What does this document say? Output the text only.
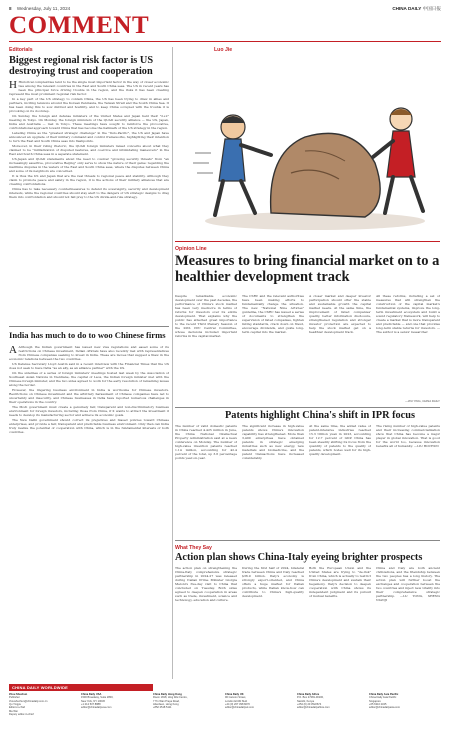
8 Wednesday, July 11, 2024	CHINA DAILY 中国日报
COMMENT
Editorials
Biggest regional risk factor is US destroying trust and cooperation

H Historical complexities tend to be the single most important factor in the way of closer economic ties among the relevant countries in the East and South China seas. The US in recent years has been the principal force driving trouble in the region, and the risks it has been creating represent the most prominent regional risk factor.

In a key part of the US strategy to contain China, the US has been trying to draw in allies and partners, inciting tensions around the Korean Peninsula, the Taiwan Strait and the South China Sea. It has been doing this to sow distrust and hostility, and to keep China occupied with the trouble it is provoking on its doorstep.

On Sunday, the foreign and defense ministers of the United States and Japan held their "2+2" meeting in Tokyo. On Monday, the foreign ministers of the QUAD security alliance — the US, Japan, India and Australia — met in Tokyo. These meetings have sought to reinforce the provocative, confrontational approach toward China that has become the hallmark of the US strategy in the region.

Labeling China as the "greatest strategic challenge" in the "Indo-Pacific", the US and Japan have announced an upgrade of their military command and control frameworks, highlighting their intention to turn the East and South China seas into flashpoints.

Moreover, in their ruling rhetoric, the QUAD foreign ministers raised concerns about what they claimed to be "militarization of disputed features, and coercive and intimidating maneuvers" in the East and South China seas in a separate statement.

US-Japan and QUAD statements about the need to counter "growing security threats" from "an increasingly assertive, provocative Beijing" only serve to show the nature of their game: regarding the maritime disputes in the waters of the East and South China seas, where the disputes between China and some of its neighbors are concerned.

It is thus the US and Japan that are the real threats to regional peace and stability. Although they claim to promote peace and safety in the region, it is the actions of their military alliances that are creating confrontations.

China has to take necessary countermeasures to defend its sovereignty, security and development interests, while the regional countries should stay alert to the dangers of US strategic designs to drag them into confrontation and should not fall prey to the US divide-and-rule strategy.

India has much to do to woo Chinese firms

A Although the Indian government has issued new visa regulations and eased some of its restrictions on Chinese investment, Indian officials have also recently met with representatives from Chinese companies seeking to invest in India. These are moves that suggest a thaw in the economic relations between the two countries.

US Defense Secretary Lloyd Austin said in a recent interview with the Financial Times that the US does not seek to have India "as an ally, as an alliance partner" with the US.

On the sidelines of a series of foreign ministers' meetings hosted last week by the Association of Southeast Asian Nations in Vientiane, the capital of Laos, the Indian foreign minister met with the Chinese foreign minister, and the two sides agreed to work for the early resolution of remaining issues along the border.

However, the lingering business environment in India is worrisome for Chinese investors. Restrictions on Chinese investment and the arbitrary harassment of Chinese companies have led to uncertainty and insecurity, and Chinese businesses in India have reported numerous challenges in their operations in the country.

The Modi government must create a genuinely fair, transparent and non-discriminatory business environment for foreign investors, including those from China, if it wants to attract the investment it needs to develop its manufacturing sector and achieve its economic goals.

The New Delhi government should correct its prejudices and biased policies toward Chinese enterprises, and provide a fair, transparent and predictable business environment. Only then can India truly realize the potential of cooperation with China, which is in the fundamental interests of both countries.

Luo Jie
Opinion Line
Measures to bring financial market on to a healthier development track
Despite remarkable economic development over the past decades, the performance of China's stock market has been very mediocre in terms of returns for investors over its entire development. That explains why the public has attached great importance to the recent Third Plenary Session of the 20th CPC Central Committee, whose decisions included important reforms in the capital market.
The CSRC and the relevant authorities have been making efforts to fundamentally change the situation. The new "National Nine Articles" guideline, the CSRC has issued a series of documents to strengthen the supervision of listed companies, tighten listing standards, crack down on fraud, encourage dividends, and guide long-term capital into the market.
A closer market and deeper investor participation should offer the stable and sustainable growth the capital market needs. At the same time, the improvement of listed companies' quality, better information disclosure, strengthened regulation and stronger investor protection are expected to help the stock market get on a healthier development track.
All these reforms, including a set of measures that will strengthen the construction of the capital market's fundamental systems, improve the long-term investment ecosystem and build a sound regulatory framework, will help to create a market that is more transparent and predictable — and one that provides long-term stable returns for investors. — The author is a senior researcher.
—WU YING, CHINA DAILY
Patents highlight China's shift in IPR focus
The number of valid domestic patents in China reached 4.425 million in June, the China National Intellectual Property Administration said at a news conference on Monday. The number of high-value invention patents reached 1.14 million, accounting for 42.4 percent of the total, up 3.6 percentage points year-on-year.
The significant increase in high-value patents shows China's innovation capability has strengthened. More than 3,400 enterprises have obtained patents in strategic emerging industries such as new energy, new materials and biomedicine, and the patent transactions have increased considerably.
At the same time, the added value of patent-intensive industries reached 15.3 trillion yuan in 2023, accounting for 12.7 percent of GDP. China has been steadily shifting its focus from the quantity of patents to the quality of patents, which bodes well for its high-quality development.
The rising number of high-value patents and their increasing commercialization show that China has become a major player in global innovation. That is good for the world too, because innovation benefits all of humanity. —LIU BOCHUN
What They Say
Action plan shows China-Italy eyeing brighter prospects
The action plan on strengthening the China-Italy comprehensive strategic partnership in 2024-27 was released during Italian Prime Minister Giorgia Meloni's five-day visit to China that concluded on Tuesday. Both sides agreed to deepen cooperation in areas such as trade, investment, science and technology, education and culture.
During the first half of 2024, bilateral trade between China and Italy reached $36.9 billion. Italy's economy is strongly export-oriented, and China offers a huge market for Italian products, while Italian know-how can contribute to China's high-quality development.
Both the European Union and the United States are trying to "de-risk" from China, which is actually to restrict China's development and sustain their hegemony. Italy's decision to deepen cooperation with China shows its independent judgment and its pursuit of mutual benefits.
China and Italy are both ancient civilizations, and the friendship between the two peoples has a long history. The action plan will further boost the exchanges and cooperation between the two countries and inject new vitality into their comprehensive strategic partnership. —LU TONG, SHENG NIANJI
CHINA DAILY WORLDWIDE
Zhou Shuchun
Publisher
zhoushuchun@chinadaily.com.cn
Qu Yingpu
Editor-in-chief
Ma Wei
Deputy editor-in-chief
China Daily USA
1500 Broadway, Suite 2800,
New York, NY 10036
+1 212 537 8888
editor@chinadailyusa.com
China Daily Hong Kong
Room 1818, Hing Wai Centre,
7 Tin Wan Praya Road,
Aberdeen, Hong Kong
+852 2518 5111
China Daily UK
90 Cannon Street,
London EC4N 6HA
+44 (0) 207 398 8270
editor@chinadailyuk.com
China Daily Africa
P.O. Box 27281-00100,
Nairobi, Kenya
+254 (0) 20 3522674
editor@chinadailyafrica.com
China Daily Asia Pacific
China Daily Asia Pacific
Singapore
+65 6310 2345
editor@chinadailyasia.com
